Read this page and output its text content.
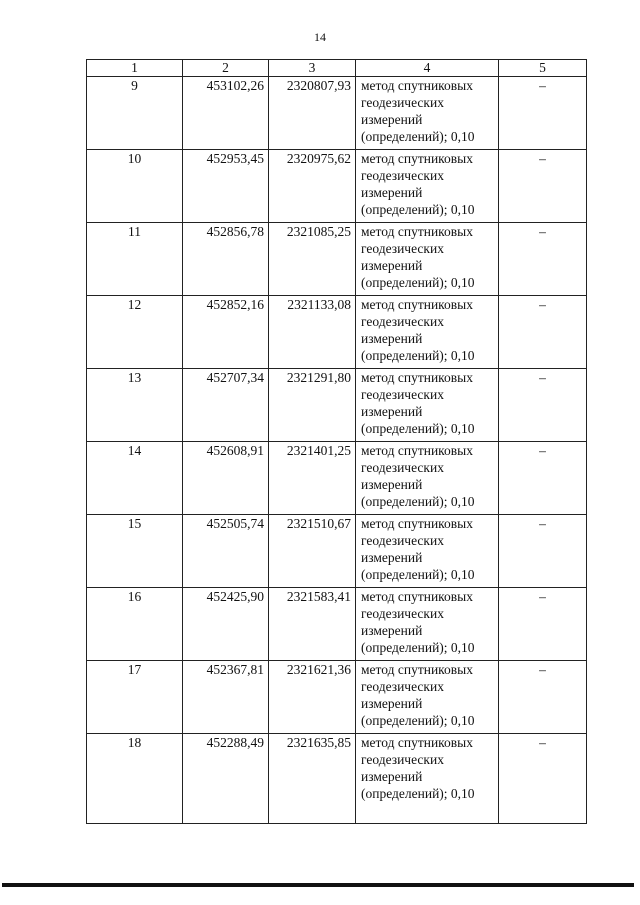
14
1	2	3	4	5
9	453102,26	2320807,93	метод спутниковых
геодезических
измерений
(определений); 0,10	–
10	452953,45	2320975,62	метод спутниковых
геодезических
измерений
(определений); 0,10	–
11	452856,78	2321085,25	метод спутниковых
геодезических
измерений
(определений); 0,10	–
12	452852,16	2321133,08	метод спутниковых
геодезических
измерений
(определений); 0,10	–
13	452707,34	2321291,80	метод спутниковых
геодезических
измерений
(определений); 0,10	–
14	452608,91	2321401,25	метод спутниковых
геодезических
измерений
(определений); 0,10	–
15	452505,74	2321510,67	метод спутниковых
геодезических
измерений
(определений); 0,10	–
16	452425,90	2321583,41	метод спутниковых
геодезических
измерений
(определений); 0,10	–
17	452367,81	2321621,36	метод спутниковых
геодезических
измерений
(определений); 0,10	–
18	452288,49	2321635,85	метод спутниковых
геодезических
измерений
(определений); 0,10	–
